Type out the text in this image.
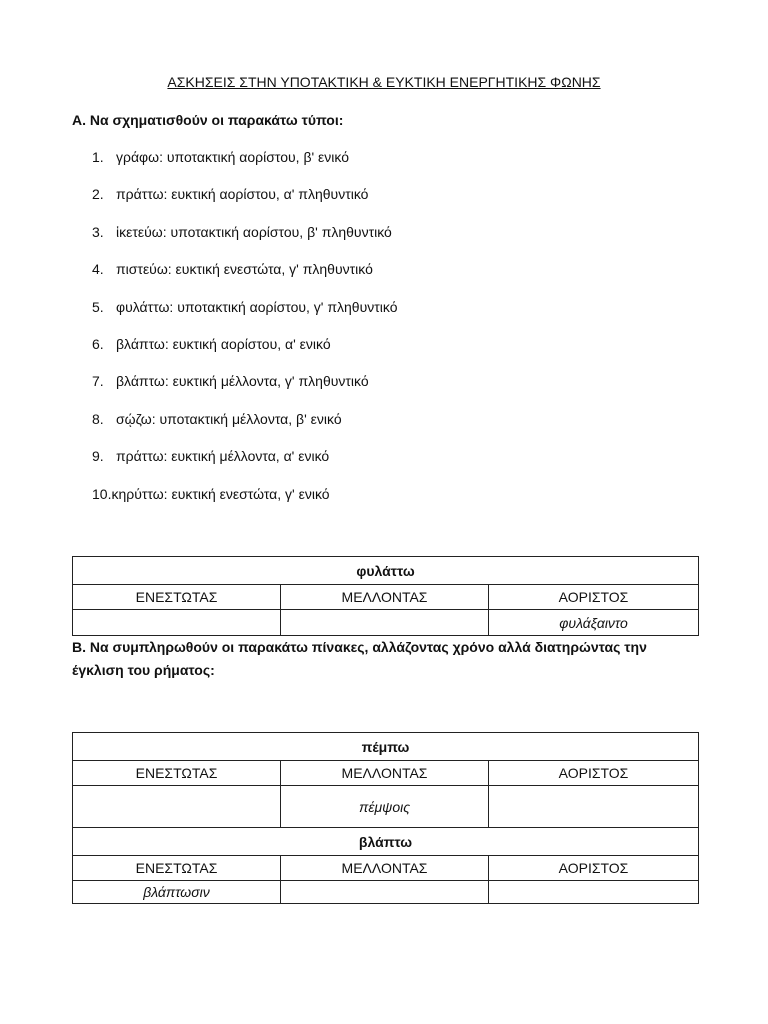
ΑΣΚΗΣΕΙΣ ΣΤΗΝ ΥΠΟΤΑΚΤΙΚΗ & ΕΥΚΤΙΚΗ ΕΝΕΡΓΗΤΙΚΗΣ ΦΩΝΗΣ
Α. Να σχηματισθούν οι παρακάτω τύποι:
1. γράφω: υποτακτική αορίστου, β' ενικό
2. πράττω: ευκτική αορίστου, α' πληθυντικό
3. ἱκετεύω: υποτακτική αορίστου, β' πληθυντικό
4. πιστεύω: ευκτική ενεστώτα, γ' πληθυντικό
5. φυλάττω: υποτακτική αορίστου, γ' πληθυντικό
6. βλάπτω: ευκτική αορίστου, α' ενικό
7. βλάπτω: ευκτική μέλλοντα, γ' πληθυντικό
8. σῴζω: υποτακτική μέλλοντα, β' ενικό
9. πράττω: ευκτική μέλλοντα, α' ενικό
10.κηρύττω: ευκτική ενεστώτα, γ' ενικό
φυλάττω		
ΕΝΕΣΤΩΤΑΣ	ΜΕΛΛΟΝΤΑΣ	ΑΟΡΙΣΤΟΣ
		φυλάξαιντο
Β. Να συμπληρωθούν οι παρακάτω πίνακες, αλλάζοντας χρόνο αλλά διατηρώντας την έγκλιση του ρήματος:
πέμπω		
ΕΝΕΣΤΩΤΑΣ	ΜΕΛΛΟΝΤΑΣ	ΑΟΡΙΣΤΟΣ
	πέμψοις	
βλάπτω		
ΕΝΕΣΤΩΤΑΣ	ΜΕΛΛΟΝΤΑΣ	ΑΟΡΙΣΤΟΣ
βλάπτωσιν		
